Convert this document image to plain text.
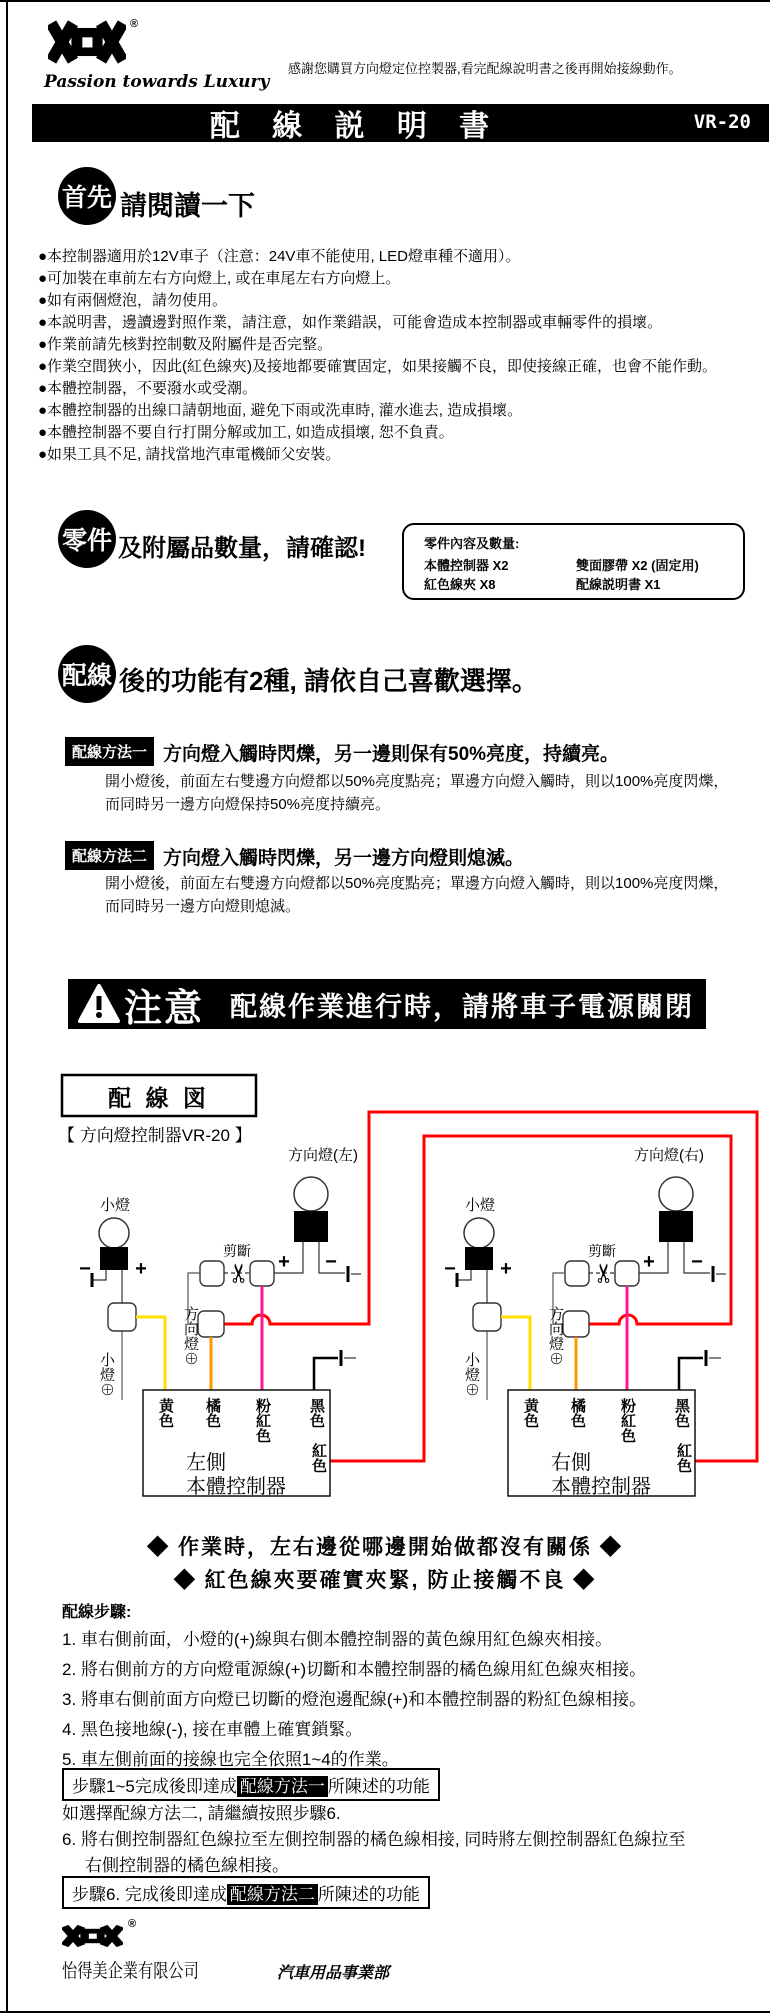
®
Passion towards Luxury
感謝您購買方向燈定位控製器,看完配線說明書之後再開始接線動作。
配 線 説 明 書	VR-20
首先 請閱讀一下
●本控制器適用於12V車子（注意：24V車不能使用, LED燈車種不適用）。
●可加裝在車前左右方向燈上, 或在車尾左右方向燈上。
●如有兩個燈泡，請勿使用。
●本説明書，邊讀邊對照作業，請注意，如作業錯誤，可能會造成本控制器或車輛零件的損壞。
●作業前請先核對控制數及附屬件是否完整。
●作業空間狹小，因此(紅色線夾)及接地都要確實固定，如果接觸不良，即使接線正確，也會不能作動。
●本體控制器，不要潑水或受潮。
●本體控制器的出線口請朝地面, 避免下雨或洗車時, 灌水進去, 造成損壞。
●本體控制器不要自行打開分解或加工, 如造成損壞, 恕不負責。
●如果工具不足, 請找當地汽車電機師父安裝。
零件 及附屬品數量，請確認!	零件內容及數量:
本體控制器 X2
紅色線夾 X8
雙面膠帶 X2 (固定用)
配線説明書 X1
配線 後的功能有2種, 請依自己喜歡選擇。
配線方法一 方向燈入觸時閃爍，另一邊則保有50%亮度，持續亮。
開小燈後，前面左右雙邊方向燈都以50%亮度點亮；單邊方向燈入觸時，則以100%亮度閃爍，
而同時另一邊方向燈保持50%亮度持續亮。
配線方法二 方向燈入觸時閃爍，另一邊方向燈則熄滅。
開小燈後，前面左右雙邊方向燈都以50%亮度點亮；單邊方向燈入觸時，則以100%亮度閃爍，
而同時另一邊方向燈則熄滅。
注意 配線作業進行時，請將車子電源關閉
配 線 図
【 方向燈控制器VR-20 】
方向燈(左)
小燈
− +
剪斷
✂
+ −
左側
本體控制器
方向燈(右)
小燈
− +
剪斷
✂
+ −
右側
本體控制器
方向燈⊕	方向燈⊕
小燈⊕	小燈⊕
黄色 橘色 粉紅色 黑色
紅色
黄色 橘色 粉紅色 黑色
紅色
◆ 作業時，左右邊從哪邊開始做都沒有關係 ◆
◆ 紅色線夾要確實夾緊, 防止接觸不良 ◆
配線步驟:
1. 車右側前面，小燈的(+)線與右側本體控制器的黃色線用紅色線夾相接。
2. 將右側前方的方向燈電源線(+)切斷和本體控制器的橘色線用紅色線夾相接。
3. 將車右側前面方向燈已切斷的燈泡邊配線(+)和本體控制器的粉紅色線相接。
4. 黑色接地線(-), 接在車體上確實鎖緊。
5. 車左側前面的接線也完全依照1~4的作業。
步驟1~5完成後即達成 配線方法一 所陳述的功能
如選擇配線方法二, 請繼續按照步驟6.
6. 將右側控制器紅色線拉至左側控制器的橘色線相接, 同時將左側控制器紅色線拉至
右側控制器的橘色線相接。
步驟6. 完成後即達成 配線方法二 所陳述的功能
®
怡得美企業有限公司	汽車用品事業部
